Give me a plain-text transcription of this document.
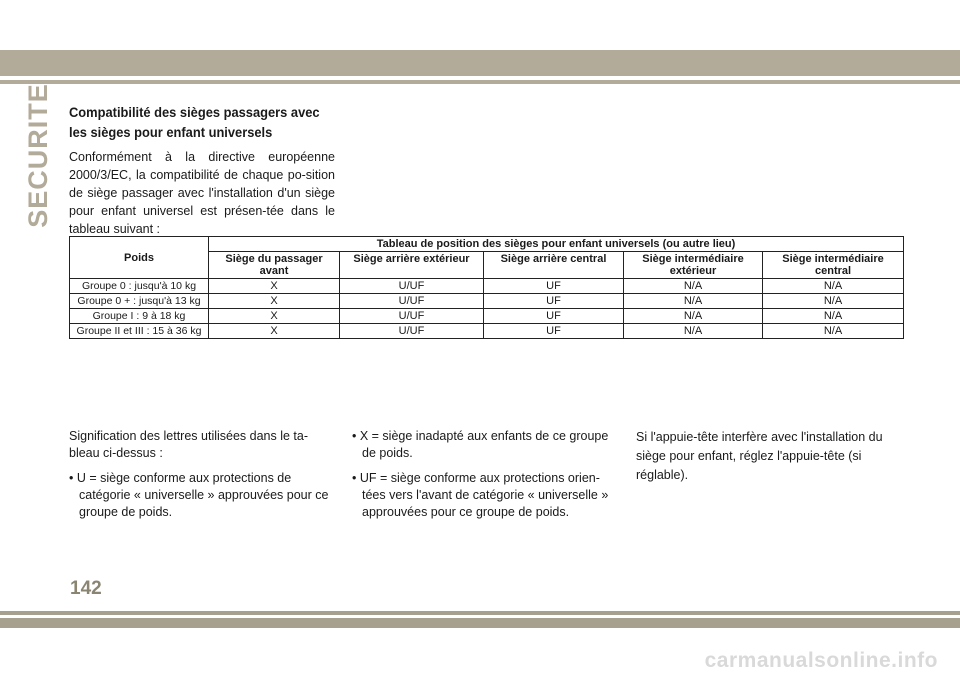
SECURITE Compatibilité des sièges passagers avec les sièges pour enfant universels
Conformément à la directive européenne 2000/3/EC, la compatibilité de chaque po-sition de siège passager avec l'installation d'un siège pour enfant universel est présen-tée dans le tableau suivant :
Poids	Tableau de position des sièges pour enfant universels (ou autre lieu)				
	Siège du passager avant	Siège arrière extérieur	Siège arrière central	Siège intermédiaire extérieur	Siège intermédiaire central
Groupe 0 : jusqu'à 10 kg	X	U/UF	UF	N/A	N/A
Groupe 0 + : jusqu'à 13 kg	X	U/UF	UF	N/A	N/A
Groupe I : 9 à 18 kg	X	U/UF	UF	N/A	N/A
Groupe II et III : 15 à 36 kg	X	U/UF	UF	N/A	N/A

Signification des lettres utilisées dans le ta-bleau ci-dessus :

• U = siège conforme aux protections de catégorie « universelle » approuvées pour ce groupe de poids.

• X = siège inadapté aux enfants de ce groupe de poids.

• UF = siège conforme aux protections orien-tées vers l'avant de catégorie « universelle » approuvées pour ce groupe de poids.

Si l'appuie-tête interfère avec l'installation du siège pour enfant, réglez l'appuie-tête (si réglable).

142
carmanualsonline.info
